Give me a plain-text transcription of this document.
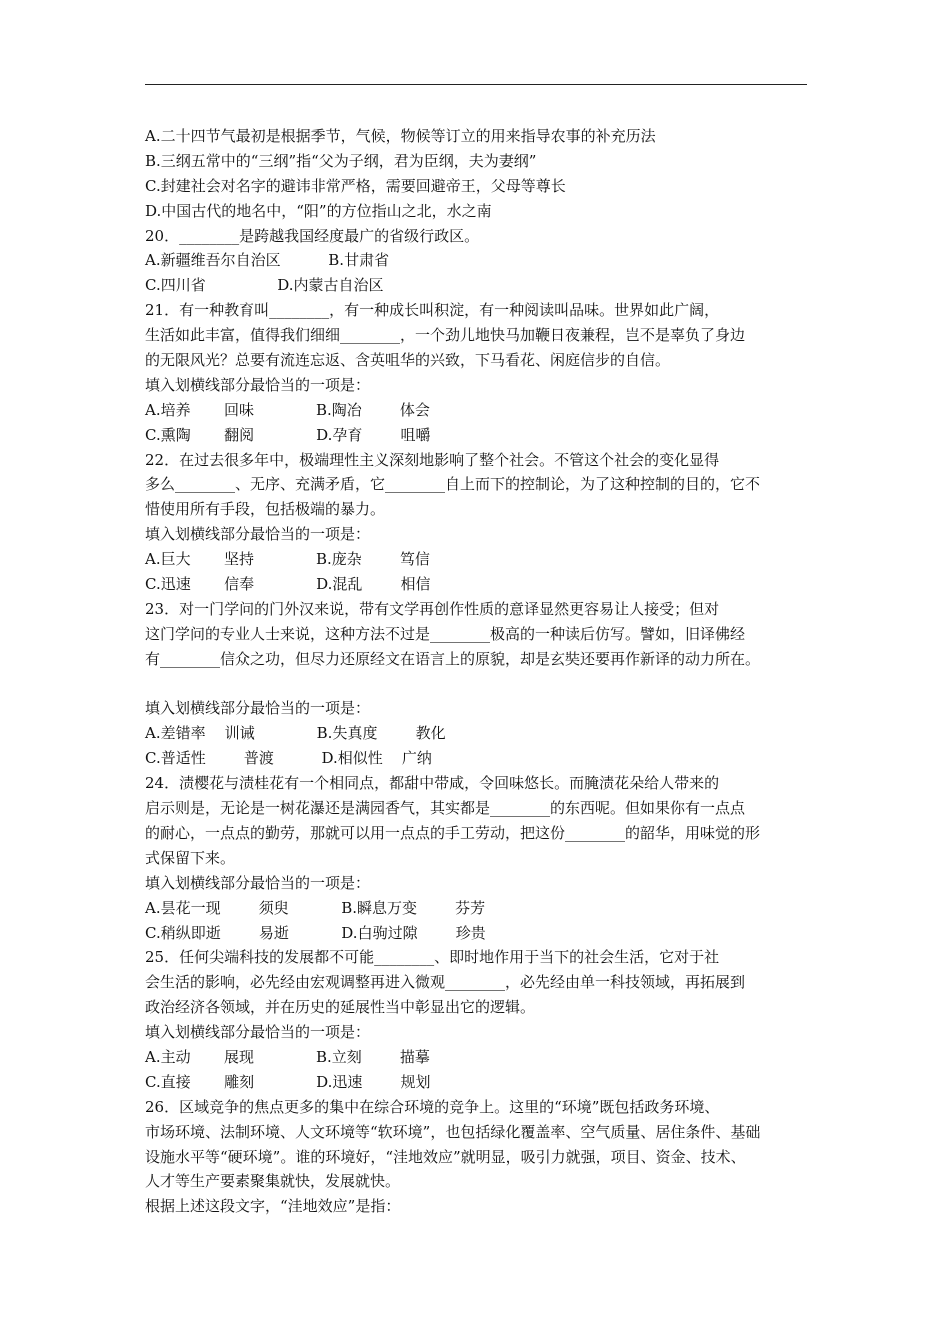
A.二十四节气最初是根据季节，气候，物候等订立的用来指导农事的补充历法
B.三纲五常中的“三纲”指“父为子纲，君为臣纲，夫为妻纲”
C.封建社会对名字的避讳非常严格，需要回避帝王，父母等尊长
D.中国古代的地名中，“阳”的方位指山之北，水之南
20．________是跨越我国经度最广的省级行政区。
A.新疆维吾尔自治区          B.甘肃省
C.四川省               D.内蒙古自治区
21．有一种教育叫________，有一种成长叫积淀，有一种阅读叫品味。世界如此广阔，
生活如此丰富，值得我们细细________，一个劲儿地快马加鞭日夜兼程，岂不是辜负了身边
的无限风光？总要有流连忘返、含英咀华的兴致，下马看花、闲庭信步的自信。
填入划横线部分最恰当的一项是：
A.培养       回味             B.陶冶        体会
C.熏陶       翻阅             D.孕育        咀嚼
22．在过去很多年中，极端理性主义深刻地影响了整个社会。不管这个社会的变化显得
多么________、无序、充满矛盾，它________自上而下的控制论，为了这种控制的目的，它不
惜使用所有手段，包括极端的暴力。
填入划横线部分最恰当的一项是：
A.巨大       坚持             B.庞杂        笃信
C.迅速       信奉             D.混乱        相信
23．对一门学问的门外汉来说，带有文学再创作性质的意译显然更容易让人接受；但对
这门学问的专业人士来说，这种方法不过是________极高的一种读后仿写。譬如，旧译佛经
有________信众之功，但尽力还原经文在语言上的原貌，却是玄奘还要再作新译的动力所在。
填入划横线部分最恰当的一项是：
A.差错率    训诫             B.失真度        教化
C.普适性        普渡          D.相似性    广纳
24．渍樱花与渍桂花有一个相同点，都甜中带咸，令回味悠长。而腌渍花朵给人带来的
启示则是，无论是一树花瀑还是满园香气，其实都是________的东西呢。但如果你有一点点
的耐心，一点点的勤劳，那就可以用一点点的手工劳动，把这份________的韶华，用味觉的形
式保留下来。
填入划横线部分最恰当的一项是：
A.昙花一现        须臾           B.瞬息万变        芬芳
C.稍纵即逝        易逝           D.白驹过隙        珍贵
25．任何尖端科技的发展都不可能________、即时地作用于当下的社会生活，它对于社
会生活的影响，必先经由宏观调整再进入微观________，必先经由单一科技领域，再拓展到
政治经济各领域，并在历史的延展性当中彰显出它的逻辑。
填入划横线部分最恰当的一项是：
A.主动       展现             B.立刻        描摹
C.直接       雕刻             D.迅速        规划
26．区域竞争的焦点更多的集中在综合环境的竞争上。这里的“环境”既包括政务环境、
市场环境、法制环境、人文环境等“软环境”，也包括绿化覆盖率、空气质量、居住条件、基础
设施水平等“硬环境”。谁的环境好，“洼地效应”就明显，吸引力就强，项目、资金、技术、
人才等生产要素聚集就快，发展就快。
根据上述这段文字，“洼地效应”是指：
